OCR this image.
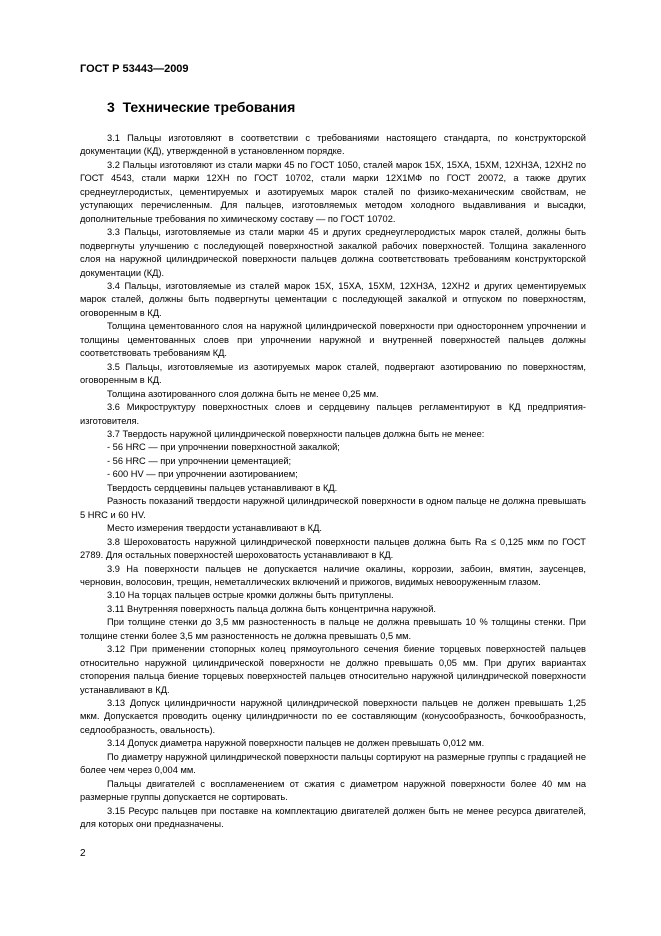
ГОСТ Р 53443—2009

3 Технические требования

3.1 Пальцы изготовляют в соответствии с требованиями настоящего стандарта, по конструкторской документации (КД), утвержденной в установленном порядке.

3.2 Пальцы изготовляют из стали марки 45 по ГОСТ 1050, сталей марок 15Х, 15ХА, 15ХМ, 12ХН3А, 12ХН2 по ГОСТ 4543, стали марки 12ХН по ГОСТ 10702, стали марки 12Х1МФ по ГОСТ 20072, а также других среднеуглеродистых, цементируемых и азотируемых марок сталей по физико-механическим свойствам, не уступающих перечисленным. Для пальцев, изготовляемых методом холодного выдавливания и высадки, дополнительные требования по химическому составу — по ГОСТ 10702.

3.3 Пальцы, изготовляемые из стали марки 45 и других среднеуглеродистых марок сталей, должны быть подвергнуты улучшению с последующей поверхностной закалкой рабочих поверхностей. Толщина закаленного слоя на наружной цилиндрической поверхности пальцев должна соответствовать требованиям конструкторской документации (КД).

3.4 Пальцы, изготовляемые из сталей марок 15Х, 15ХА, 15ХМ, 12ХН3А, 12ХН2 и других цементируемых марок сталей, должны быть подвергнуты цементации с последующей закалкой и отпуском по поверхностям, оговоренным в КД.

Толщина цементованного слоя на наружной цилиндрической поверхности при одностороннем упрочнении и толщины цементованных слоев при упрочнении наружной и внутренней поверхностей пальцев должны соответствовать требованиям КД.

3.5 Пальцы, изготовляемые из азотируемых марок сталей, подвергают азотированию по поверхностям, оговоренным в КД.

Толщина азотированного слоя должна быть не менее 0,25 мм.

3.6 Микроструктуру поверхностных слоев и сердцевину пальцев регламентируют в КД предприятия-изготовителя.

3.7 Твердость наружной цилиндрической поверхности пальцев должна быть не менее:

- 56 HRC — при упрочнении поверхностной закалкой;

- 56 HRC — при упрочнении цементацией;

- 600 HV — при упрочнении азотированием;

Твердость сердцевины пальцев устанавливают в КД.

Разность показаний твердости наружной цилиндрической поверхности в одном пальце не должна превышать 5 HRC и 60 HV.

Место измерения твердости устанавливают в КД.

3.8 Шероховатость наружной цилиндрической поверхности пальцев должна быть Ra ≤ 0,125 мкм по ГОСТ 2789. Для остальных поверхностей шероховатость устанавливают в КД.

3.9 На поверхности пальцев не допускается наличие окалины, коррозии, забоин, вмятин, заусенцев, черновин, волосовин, трещин, неметаллических включений и прижогов, видимых невооруженным глазом.

3.10 На торцах пальцев острые кромки должны быть притуплены.

3.11 Внутренняя поверхность пальца должна быть концентрична наружной.

При толщине стенки до 3,5 мм разностенность в пальце не должна превышать 10 % толщины стенки. При толщине стенки более 3,5 мм разностенность не должна превышать 0,5 мм.

3.12 При применении стопорных колец прямоугольного сечения биение торцевых поверхностей пальцев относительно наружной цилиндрической поверхности не должно превышать 0,05 мм. При других вариантах стопорения пальца биение торцевых поверхностей пальцев относительно наружной цилиндрической поверхности устанавливают в КД.

3.13 Допуск цилиндричности наружной цилиндрической поверхности пальцев не должен превышать 1,25 мкм. Допускается проводить оценку цилиндричности по ее составляющим (конусообразность, бочкообразность, седлообразность, овальность).

3.14 Допуск диаметра наружной поверхности пальцев не должен превышать 0,012 мм.

По диаметру наружной цилиндрической поверхности пальцы сортируют на размерные группы с градацией не более чем через 0,004 мм.

Пальцы двигателей с воспламенением от сжатия с диаметром наружной поверхности более 40 мм на размерные группы допускается не сортировать.

3.15 Ресурс пальцев при поставке на комплектацию двигателей должен быть не менее ресурса двигателей, для которых они предназначены.

2
